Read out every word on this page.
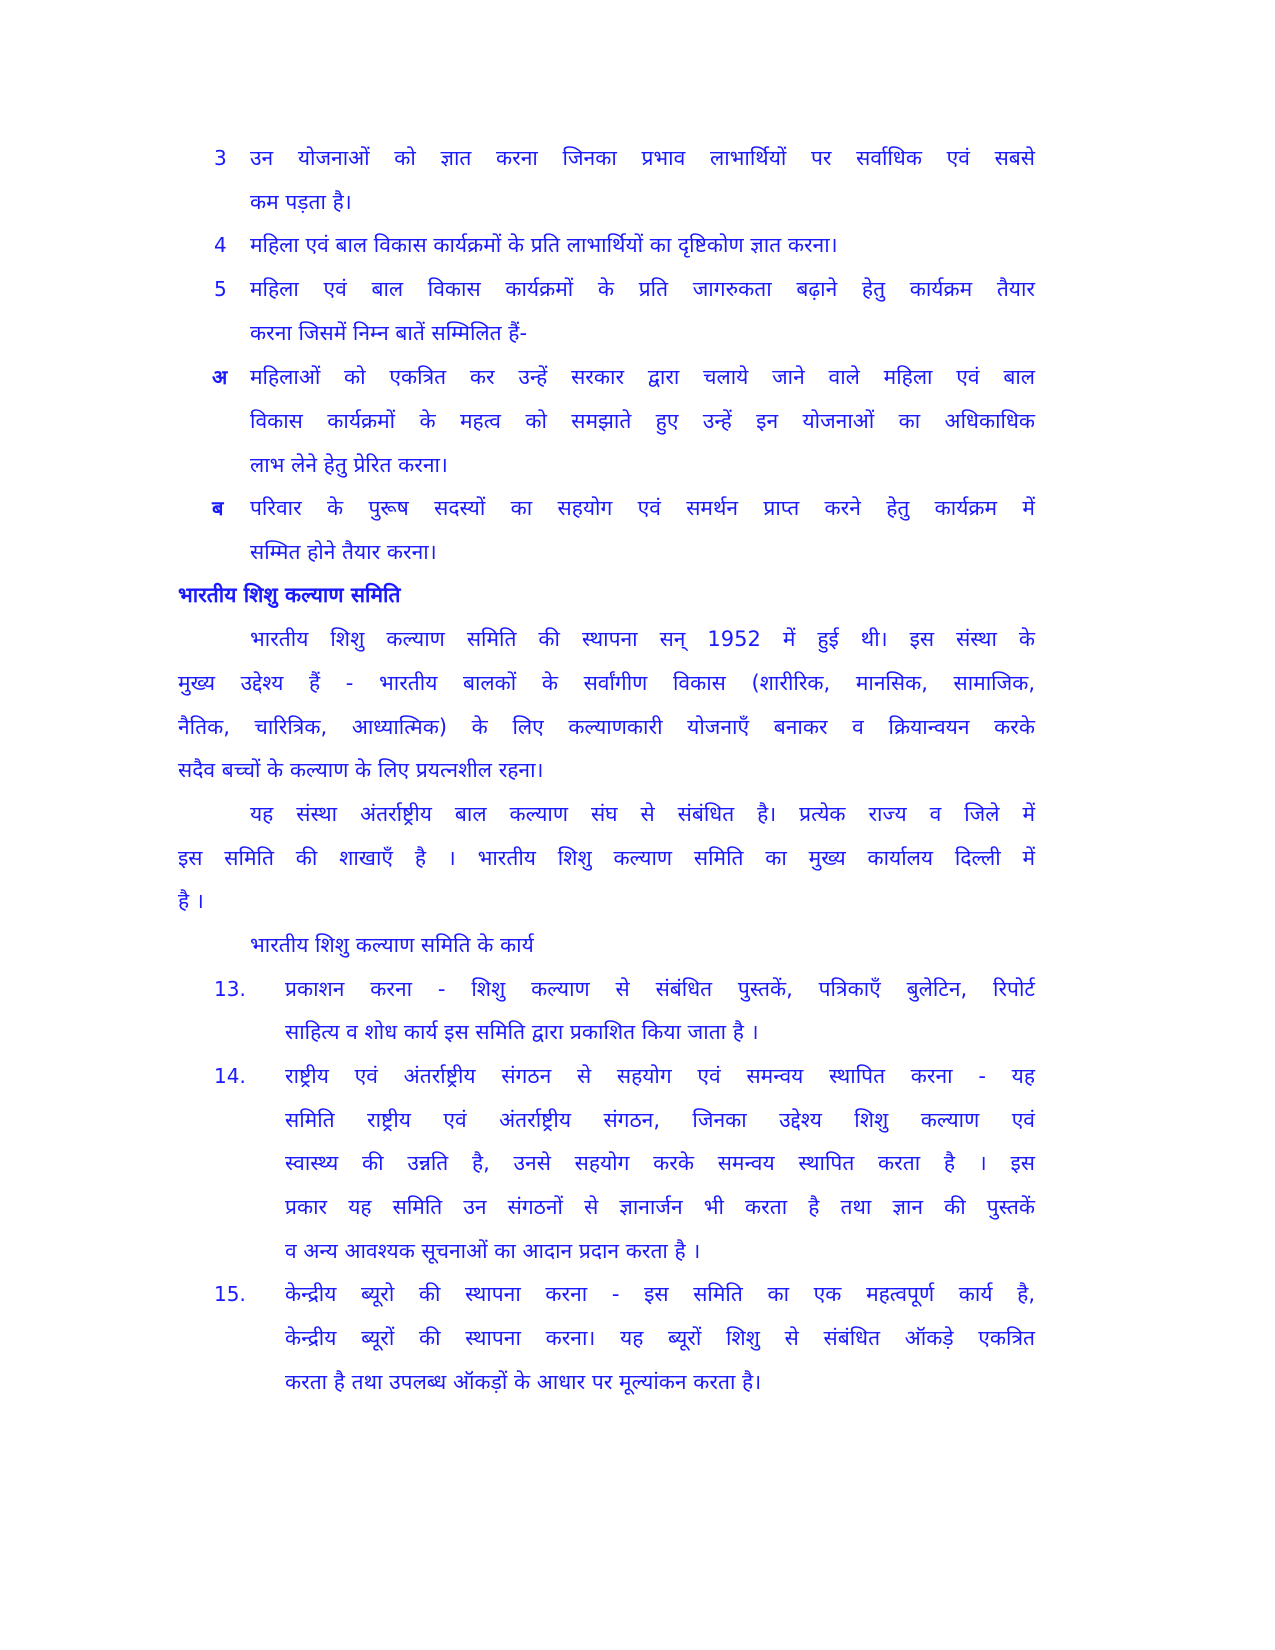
3 उन योजनाओं को ज्ञात करना जिनका प्रभाव लाभार्थियों पर सर्वाधिक एवं सबसे
कम पड़ता है।
4 महिला एवं बाल विकास कार्यक्रमों के प्रति लाभार्थियों का दृष्टिकोण ज्ञात करना।
5 महिला एवं बाल विकास कार्यक्रमों के प्रति जागरुकता बढ़ाने हेतु कार्यक्रम तैयार
करना जिसमें निम्न बातें सम्मिलित हैं-
अ महिलाओं को एकत्रित कर उन्हें सरकार द्वारा चलाये जाने वाले महिला एवं बाल
विकास कार्यक्रमों के महत्व को समझाते हुए उन्हें इन योजनाओं का अधिकाधिक
लाभ लेने हेतु प्रेरित करना।
ब परिवार के पुरूष सदस्यों का सहयोग एवं समर्थन प्राप्त करने हेतु कार्यक्रम में
सम्मित होने तैयार करना।
भारतीय शिशु कल्याण समिति
भारतीय शिशु कल्याण समिति की स्थापना सन् 1952 में हुई थी। इस संस्था के
मुख्य उद्देश्य हैं - भारतीय बालकों के सर्वांगीण विकास (शारीरिक, मानसिक, सामाजिक,
नैतिक, चारित्रिक, आध्यात्मिक) के लिए कल्याणकारी योजनाएँ बनाकर व क्रियान्वयन करके
सदैव बच्चों के कल्याण के लिए प्रयत्नशील रहना।
यह संस्था अंतर्राष्ट्रीय बाल कल्याण संघ से संबंधित है। प्रत्येक राज्य व जिले में
इस समिति की शाखाएँ है । भारतीय शिशु कल्याण समिति का मुख्य कार्यालय दिल्ली में
है ।
भारतीय शिशु कल्याण समिति के कार्य
13. प्रकाशन करना - शिशु कल्याण से संबंधित पुस्तकें, पत्रिकाएँ बुलेटिन, रिपोर्ट
साहित्य व शोध कार्य इस समिति द्वारा प्रकाशित किया जाता है ।
14. राष्ट्रीय एवं अंतर्राष्ट्रीय संगठन से सहयोग एवं समन्वय स्थापित करना - यह
समिति राष्ट्रीय एवं अंतर्राष्ट्रीय संगठन, जिनका उद्देश्य शिशु कल्याण एवं
स्वास्थ्य की उन्नति है, उनसे सहयोग करके समन्वय स्थापित करता है । इस
प्रकार यह समिति उन संगठनों से ज्ञानार्जन भी करता है तथा ज्ञान की पुस्तकें
व अन्य आवश्यक सूचनाओं का आदान प्रदान करता है ।
15. केन्द्रीय ब्यूरो की स्थापना करना - इस समिति का एक महत्वपूर्ण कार्य है,
केन्द्रीय ब्यूरों की स्थापना करना। यह ब्यूरों शिशु से संबंधित ऑकड़े एकत्रित
करता है तथा उपलब्ध ऑकड़ों के आधार पर मूल्यांकन करता है।
